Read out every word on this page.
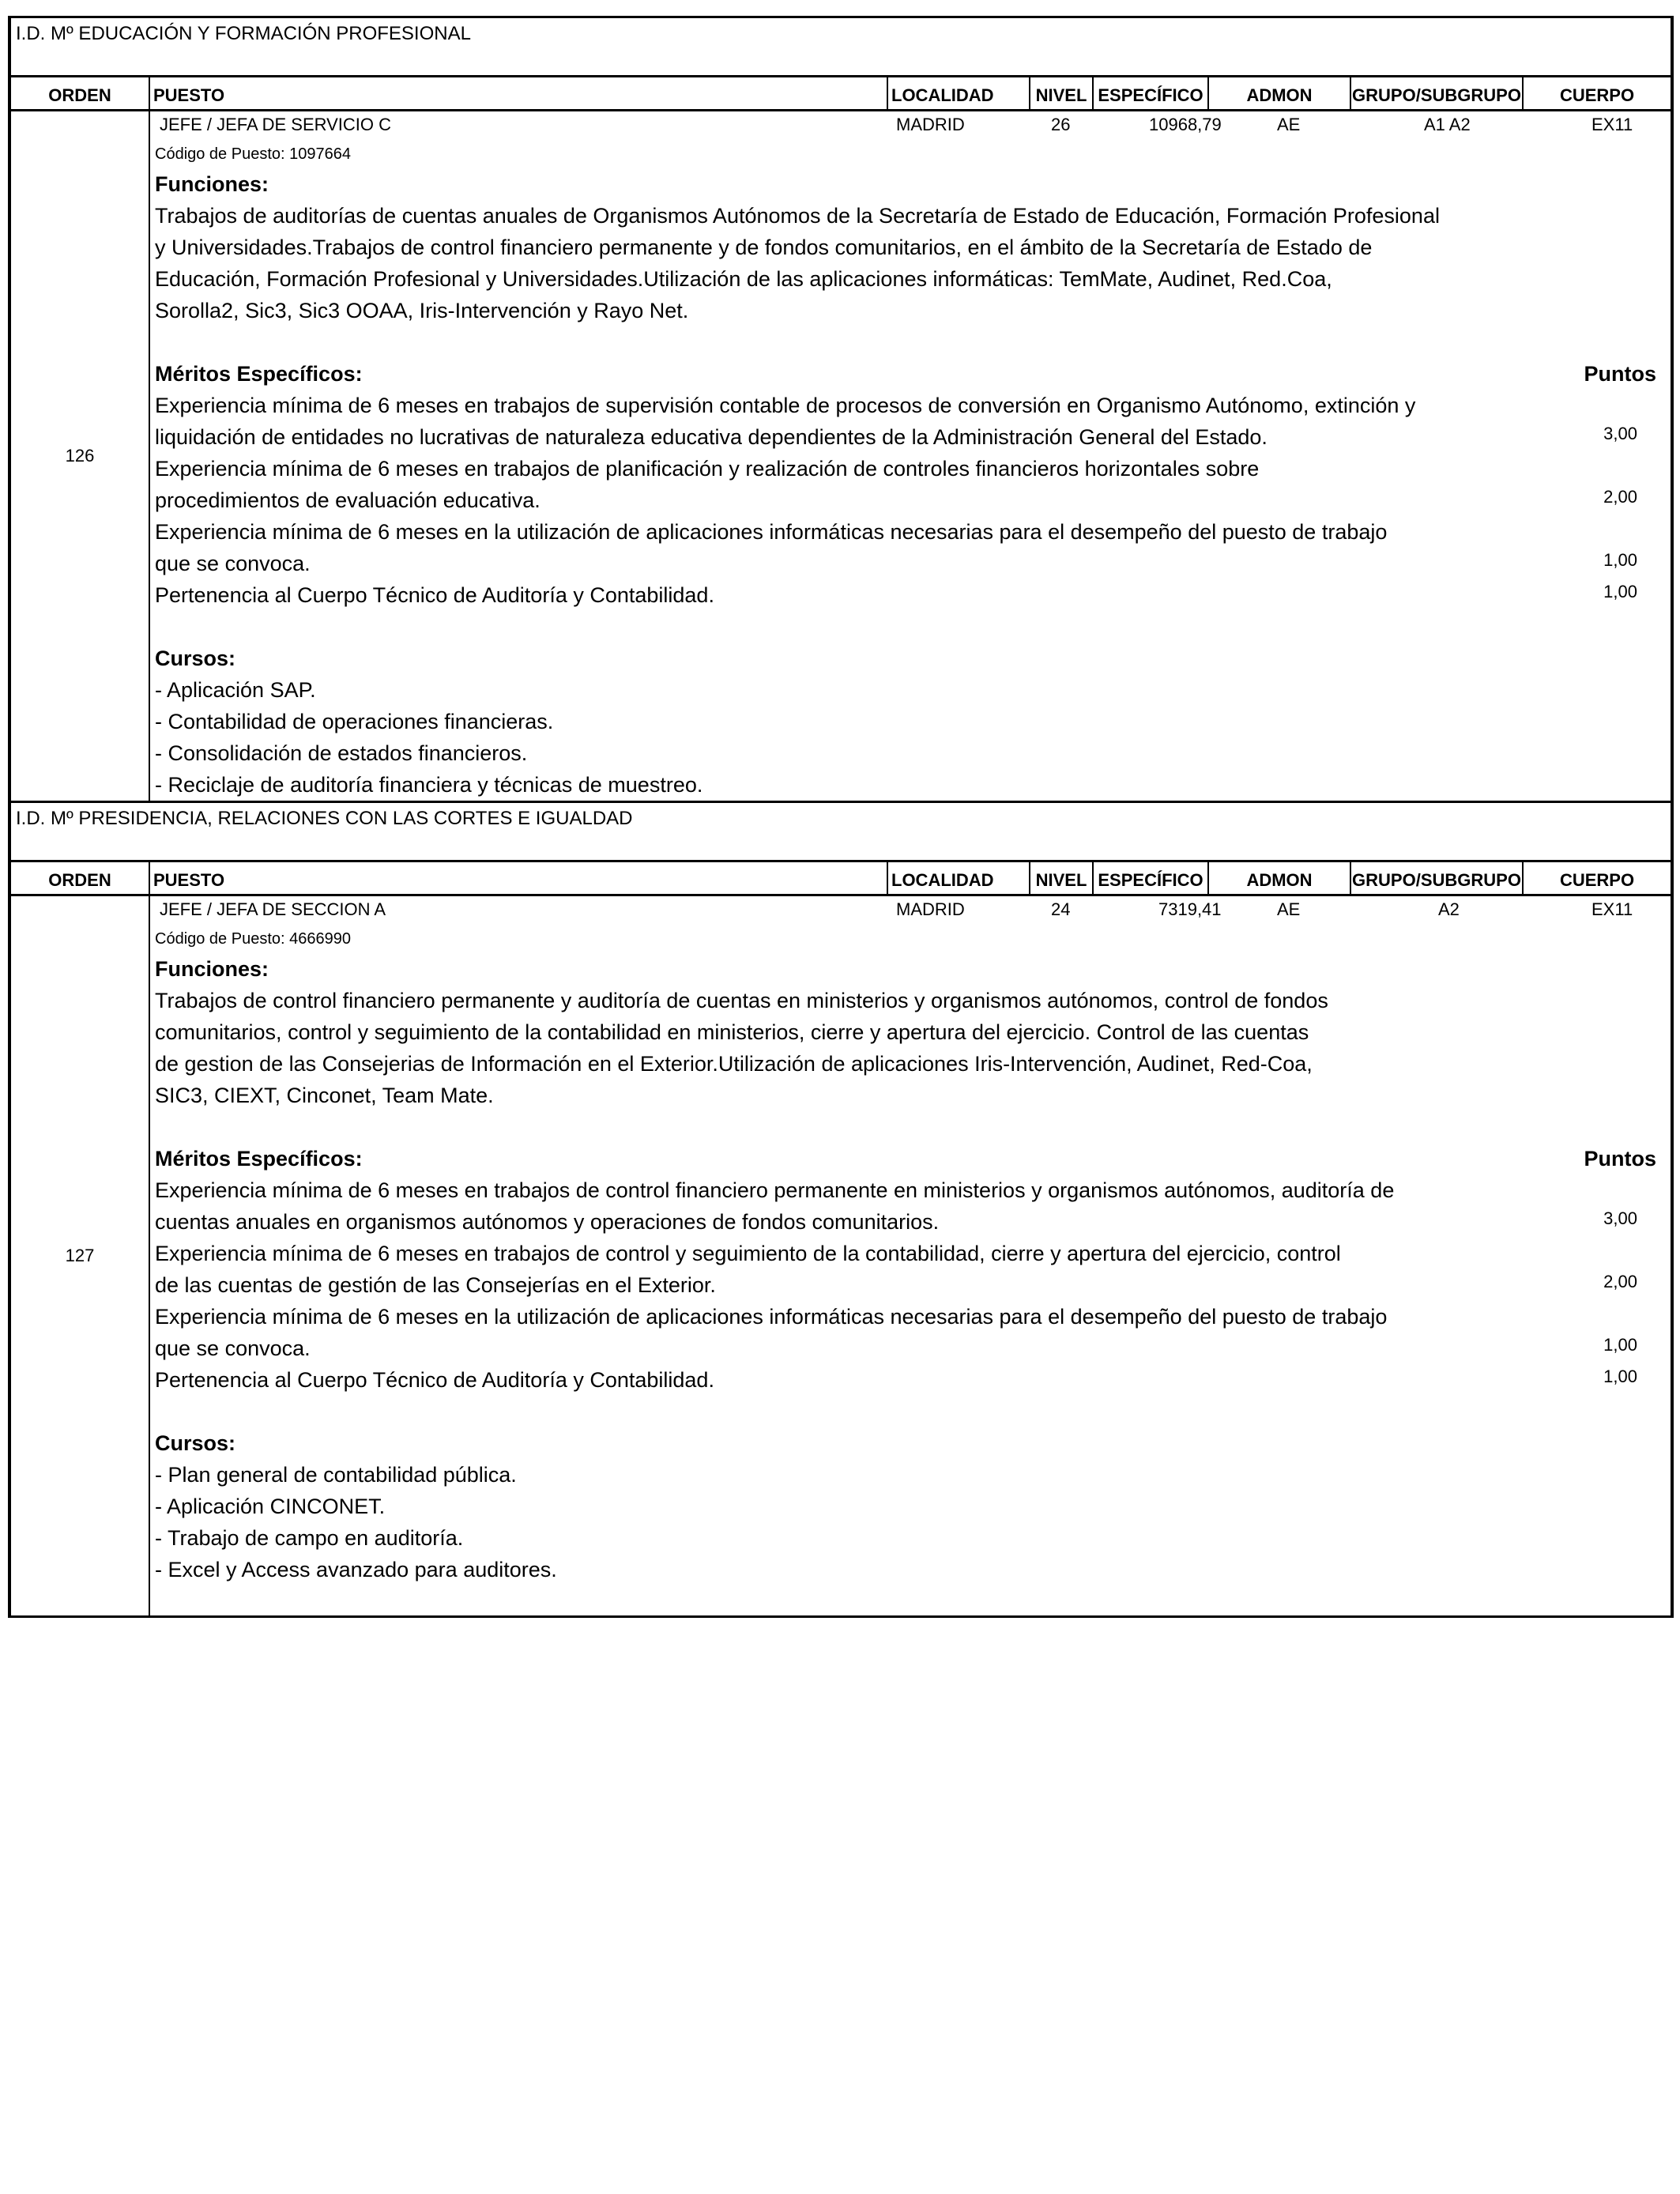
I.D. Mº EDUCACIÓN Y FORMACIÓN PROFESIONAL
ORDEN	PUESTO	LOCALIDAD	NIVEL ESPECÍFICO	ADMON	GRUPO/SUBGRUPO	CUERPO
126
JEFE / JEFA DE SERVICIO C	MADRID	26	10968,79	AE	A1 A2	EX11
Código de Puesto: 1097664
Funciones:

Trabajos de auditorías de cuentas anuales de Organismos Autónomos de la Secretaría de Estado de Educación, Formación Profesional

y Universidades.Trabajos de control financiero permanente y de fondos comunitarios, en el ámbito de la Secretaría de Estado de

Educación, Formación Profesional y Universidades.Utilización de las aplicaciones informáticas: TemMate, Audinet, Red.Coa,

Sorolla2, Sic3, Sic3 OOAA, Iris-Intervención y Rayo Net.

Méritos Específicos:	Puntos

Experiencia mínima de 6 meses en trabajos de supervisión contable de procesos de conversión en Organismo Autónomo, extinción y

liquidación de entidades no lucrativas de naturaleza educativa dependientes de la Administración General del Estado.	3,00

Experiencia mínima de 6 meses en trabajos de planificación y realización de controles financieros horizontales sobre

procedimientos de evaluación educativa.	2,00

Experiencia mínima de 6 meses en la utilización de aplicaciones informáticas necesarias para el desempeño del puesto de trabajo

que se convoca.	1,00

Pertenencia al Cuerpo Técnico de Auditoría y Contabilidad.	1,00
Cursos:

- Aplicación SAP.

- Contabilidad de operaciones financieras.

- Consolidación de estados financieros.

- Reciclaje de auditoría financiera y técnicas de muestreo.

I.D. Mº PRESIDENCIA, RELACIONES CON LAS CORTES E IGUALDAD
ORDEN	PUESTO	LOCALIDAD	NIVEL ESPECÍFICO	ADMON	GRUPO/SUBGRUPO	CUERPO
127
JEFE / JEFA DE SECCION A	MADRID	24	7319,41	AE	A2	EX11
Código de Puesto: 4666990
Funciones:

Trabajos de control financiero permanente y auditoría de cuentas en ministerios y organismos autónomos, control de fondos

comunitarios, control y seguimiento de la contabilidad en ministerios, cierre y apertura del ejercicio. Control de las cuentas

de gestion de las Consejerias de Información en el Exterior.Utilización de aplicaciones Iris-Intervención, Audinet, Red-Coa,

SIC3, CIEXT, Cinconet, Team Mate.

Méritos Específicos:	Puntos

Experiencia mínima de 6 meses en trabajos de control financiero permanente en ministerios y organismos autónomos, auditoría de

cuentas anuales en organismos autónomos y operaciones de fondos comunitarios.	3,00

Experiencia mínima de 6 meses en trabajos de control y seguimiento de la contabilidad, cierre y apertura del ejercicio, control

de las cuentas de gestión de las Consejerías en el Exterior.	2,00

Experiencia mínima de 6 meses en la utilización de aplicaciones informáticas necesarias para el desempeño del puesto de trabajo

que se convoca.	1,00

Pertenencia al Cuerpo Técnico de Auditoría y Contabilidad.	1,00
Cursos:

- Plan general de contabilidad pública.

- Aplicación CINCONET.

- Trabajo de campo en auditoría.

- Excel y Access avanzado para auditores.
